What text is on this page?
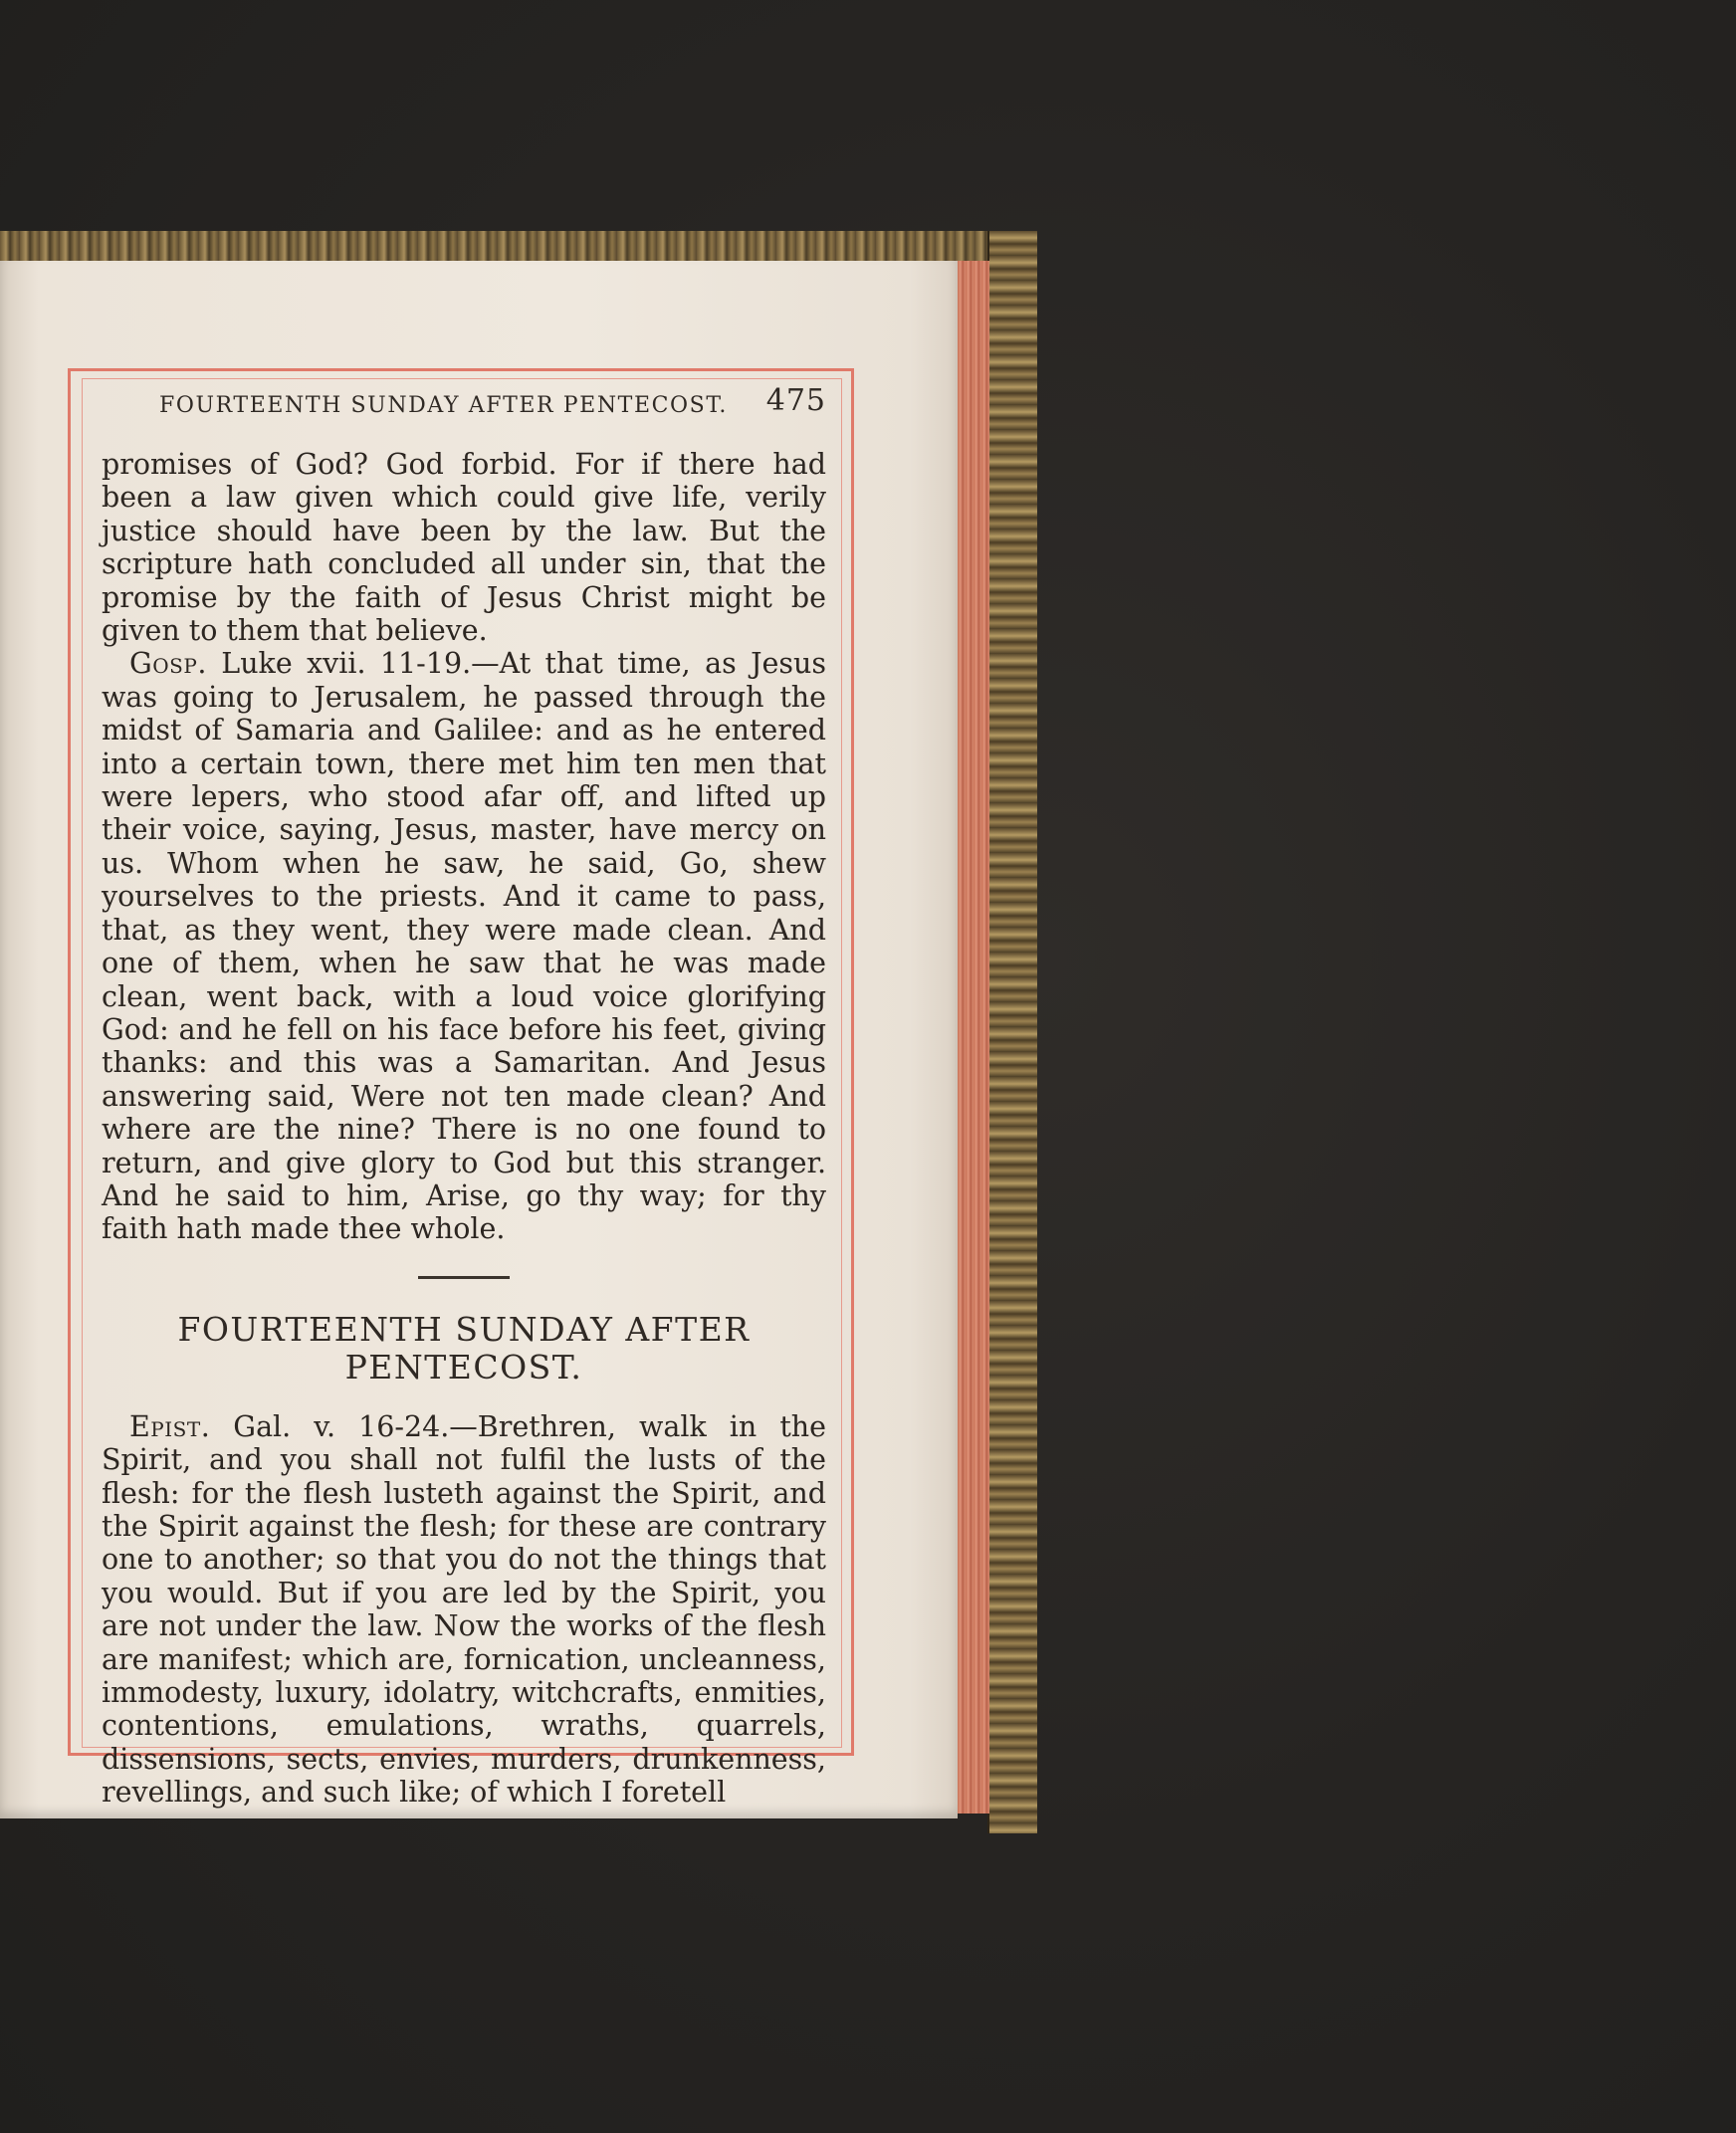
FOURTEENTH SUNDAY AFTER PENTECOST. 475

promises of God? God forbid. For if there had been a law given which could give life, verily justice should have been by the law. But the scripture hath concluded all under sin, that the promise by the faith of Jesus Christ might be given to them that believe.

Gosp. Luke xvii. 11-19.—At that time, as Jesus was going to Jerusalem, he passed through the midst of Samaria and Galilee: and as he entered into a certain town, there met him ten men that were lepers, who stood afar off, and lifted up their voice, saying, Jesus, master, have mercy on us. Whom when he saw, he said, Go, shew yourselves to the priests. And it came to pass, that, as they went, they were made clean. And one of them, when he saw that he was made clean, went back, with a loud voice glorifying God: and he fell on his face before his feet, giving thanks: and this was a Samaritan. And Jesus answering said, Were not ten made clean? And where are the nine? There is no one found to return, and give glory to God but this stranger. And he said to him, Arise, go thy way; for thy faith hath made thee whole.

FOURTEENTH SUNDAY AFTER PENTECOST.

Epist. Gal. v. 16-24.—Brethren, walk in the Spirit, and you shall not fulfil the lusts of the flesh: for the flesh lusteth against the Spirit, and the Spirit against the flesh; for these are contrary one to another; so that you do not the things that you would. But if you are led by the Spirit, you are not under the law. Now the works of the flesh are manifest; which are, fornication, uncleanness, immodesty, luxury, idolatry, witchcrafts, enmities, contentions, emulations, wraths, quarrels, dissensions, sects, envies, murders, drunkenness, revellings, and such like; of which I foretell
